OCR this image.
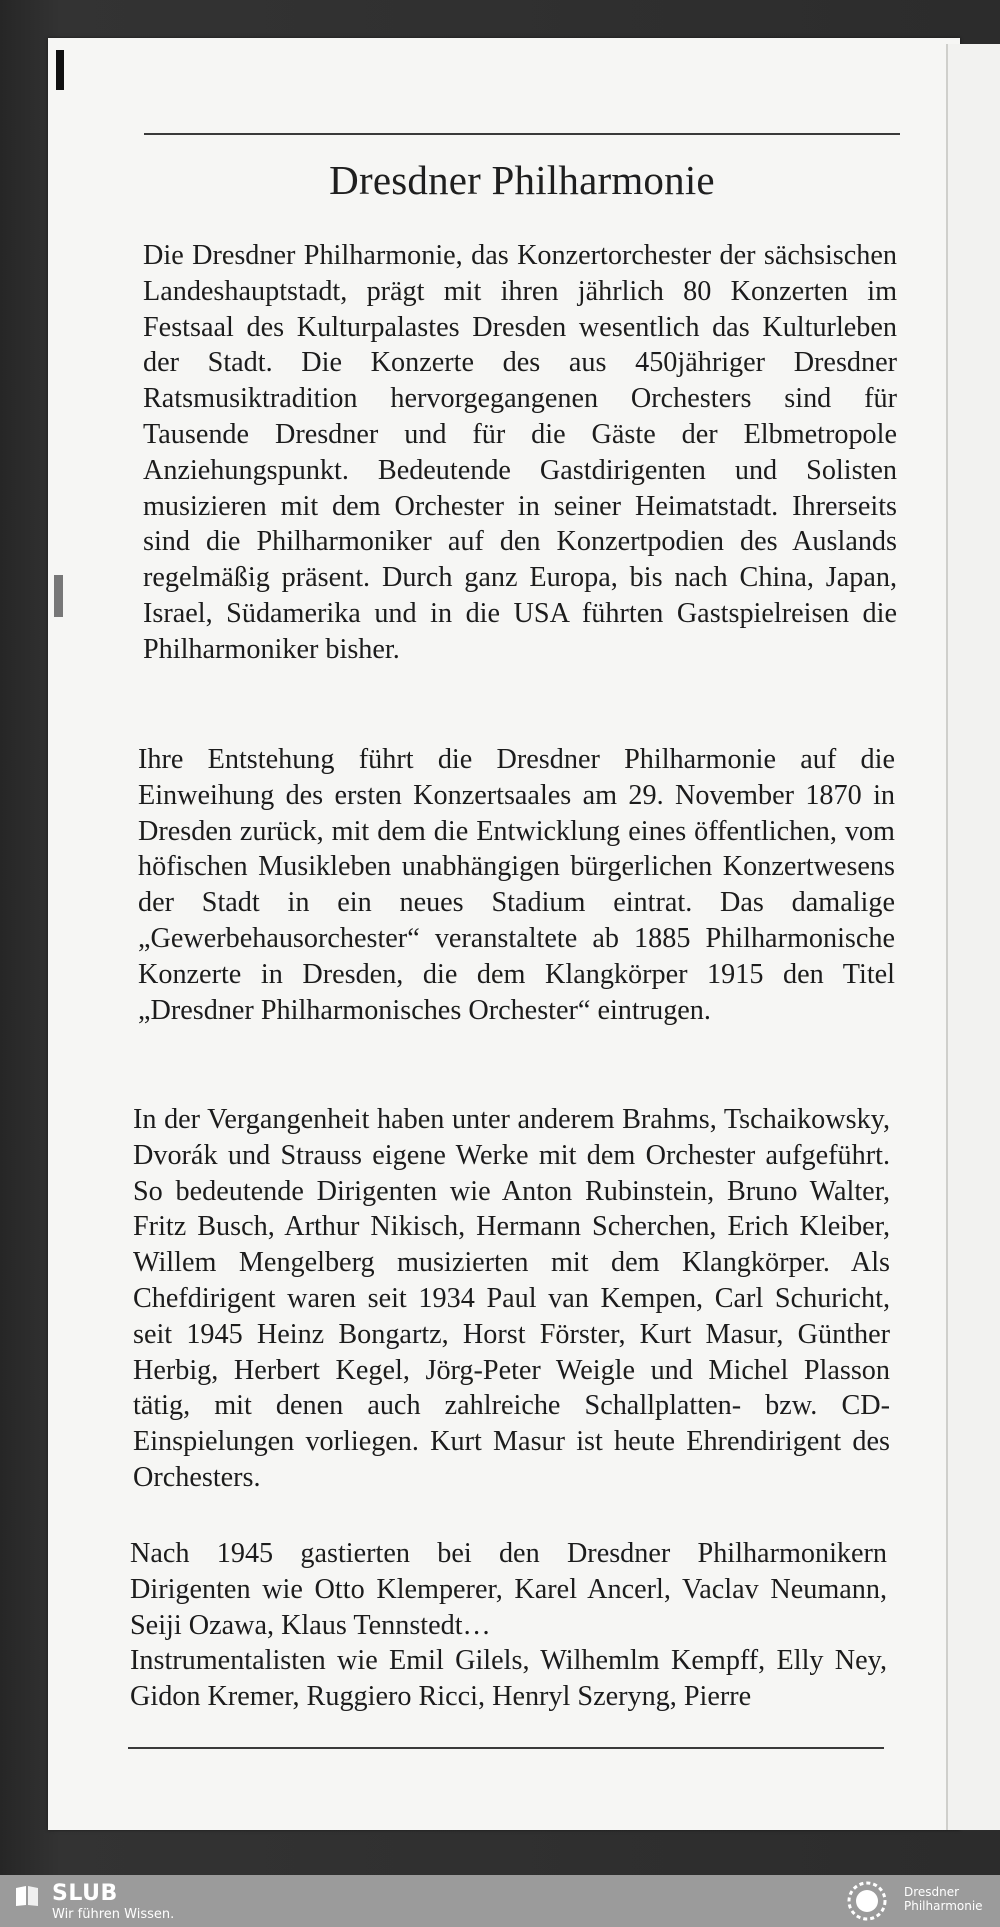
Dresdner Philharmonie

Die Dresdner Philharmonie, das Konzertorchester der sächsischen Landeshauptstadt, prägt mit ihren jährlich 80 Konzerten im Festsaal des Kulturpalastes Dresden wesentlich das Kulturleben der Stadt. Die Konzerte des aus 450jähriger Dresdner Ratsmusiktradition hervorgegangenen Orchesters sind für Tausende Dresdner und für die Gäste der Elbmetropole Anziehungspunkt. Bedeutende Gastdirigenten und Solisten musizieren mit dem Orchester in seiner Heimatstadt. Ihrerseits sind die Philharmoniker auf den Konzertpodien des Auslands regelmäßig präsent. Durch ganz Europa, bis nach China, Japan, Israel, Südamerika und in die USA führten Gastspielreisen die Philharmoniker bisher.

Ihre Entstehung führt die Dresdner Philharmonie auf die Einweihung des ersten Konzertsaales am 29. November 1870 in Dresden zurück, mit dem die Entwicklung eines öffentlichen, vom höfischen Musikleben unabhängigen bürgerlichen Konzertwesens der Stadt in ein neues Stadium eintrat. Das damalige „Gewerbehausorchester“ veranstaltete ab 1885 Philharmonische Konzerte in Dresden, die dem Klangkörper 1915 den Titel „Dresdner Philharmonisches Orchester“ eintrugen.

In der Vergangenheit haben unter anderem Brahms, Tschaikowsky, Dvorák und Strauss eigene Werke mit dem Orchester aufgeführt. So bedeutende Dirigenten wie Anton Rubinstein, Bruno Walter, Fritz Busch, Arthur Nikisch, Hermann Scherchen, Erich Kleiber, Willem Mengelberg musizierten mit dem Klangkörper. Als Chefdirigent waren seit 1934 Paul van Kempen, Carl Schuricht, seit 1945 Heinz Bongartz, Horst Förster, Kurt Masur, Günther Herbig, Herbert Kegel, Jörg-Peter Weigle und Michel Plasson tätig, mit denen auch zahlreiche Schallplatten- bzw. CD-Einspielungen vorliegen. Kurt Masur ist heute Ehrendirigent des Orchesters.

Nach 1945 gastierten bei den Dresdner Philharmonikern Dirigenten wie Otto Klemperer, Karel Ancerl, Vaclav Neumann, Seiji Ozawa, Klaus Tennstedt…

Instrumentalisten wie Emil Gilels, Wilhemlm Kempff, Elly Ney, Gidon Kremer, Ruggiero Ricci, Henryl Szeryng, Pierre

SLUB
Wir führen Wissen.
Dresdner
Philharmonie
